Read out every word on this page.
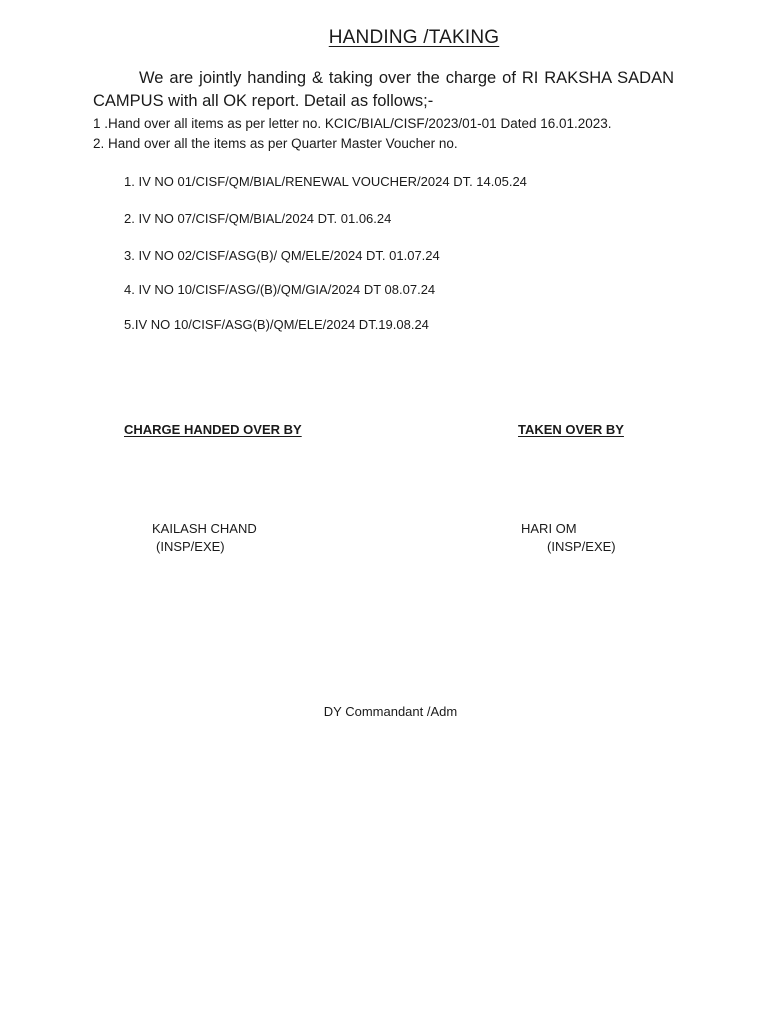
HANDING /TAKING
We are jointly handing & taking over the charge of RI RAKSHA SADAN CAMPUS with all OK report. Detail as follows;-
1 .Hand over all items as per letter no. KCIC/BIAL/CISF/2023/01-01 Dated 16.01.2023.
2. Hand over all the items as per Quarter Master Voucher no.
1. IV NO 01/CISF/QM/BIAL/RENEWAL VOUCHER/2024 DT. 14.05.24
2. IV NO 07/CISF/QM/BIAL/2024 DT. 01.06.24
3. IV NO 02/CISF/ASG(B)/ QM/ELE/2024 DT. 01.07.24
4. IV NO 10/CISF/ASG/(B)/QM/GIA/2024 DT 08.07.24
5.IV NO 10/CISF/ASG(B)/QM/ELE/2024 DT.19.08.24
CHARGE HANDED OVER BY	TAKEN OVER BY
KAILASH CHAND
(INSP/EXE)
HARI OM
(INSP/EXE)
DY Commandant /Adm
